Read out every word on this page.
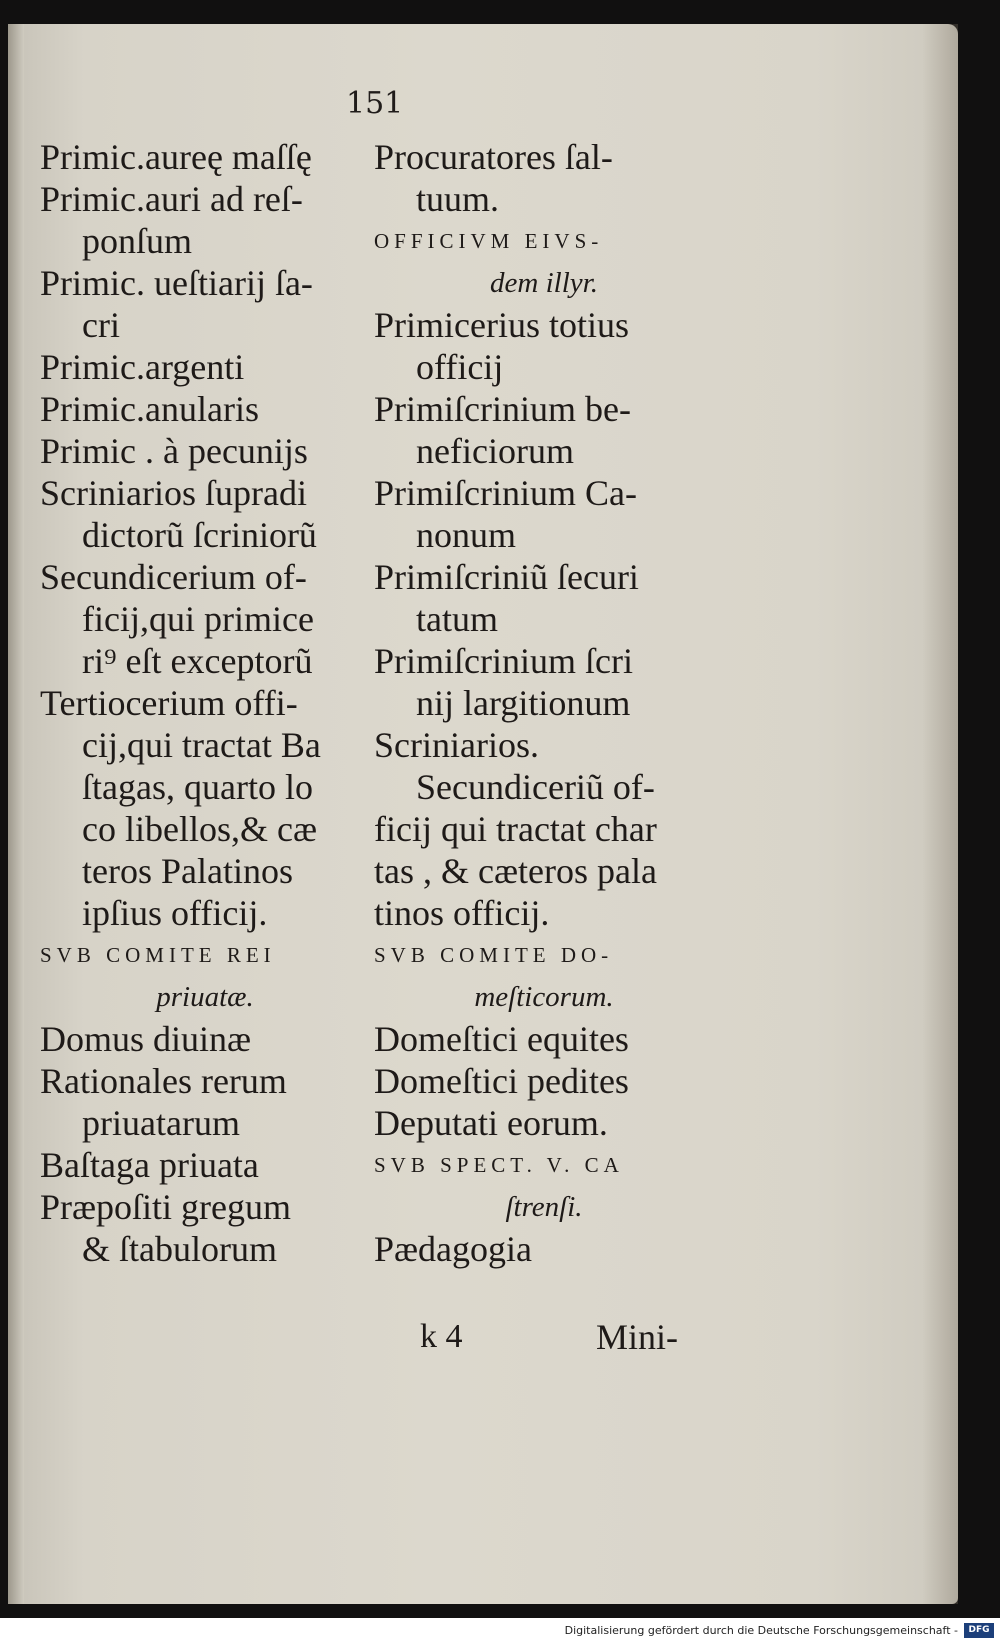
151
Primic.aureę maſſę
Primic.auri ad reſ-
ponſum
Primic. ueſtiarij ſa-
cri
Primic.argenti
Primic.anularis
Primic . à pecunijs
Scriniarios ſupradi
dictorũ ſcriniorũ
Secundicerium of-
ficij,qui primice
ri⁹ eſt exceptorũ
Tertiocerium offi-
cij,qui tractat Ba
ſtagas, quarto lo
co libellos,& cæ
teros Palatinos
ipſius officij.
SVB COMITE REI
priuatæ.
Domus diuinæ
Rationales rerum
priuatarum
Baſtaga priuata
Præpoſiti gregum
& ſtabulorum
Procuratores ſal-
tuum.
OFFICIVM EIVS-
dem illyr.
Primicerius totius
officij
Primiſcrinium be-
neficiorum
Primiſcrinium Ca-
nonum
Primiſcriniũ ſecuri
tatum
Primiſcrinium ſcri
nij largitionum
Scriniarios.
Secundiceriũ of-
ficij qui tractat char
tas , & cæteros pala
tinos officij.
SVB COMITE DO-
meſticorum.
Domeſtici equites
Domeſtici pedites
Deputati eorum.
SVB SPECT. V. CA
ſtrenſi.
Pædagogia
k 4	Mini-
Digitalisierung gefördert durch die Deutsche Forschungsgemeinschaft -	DFG
